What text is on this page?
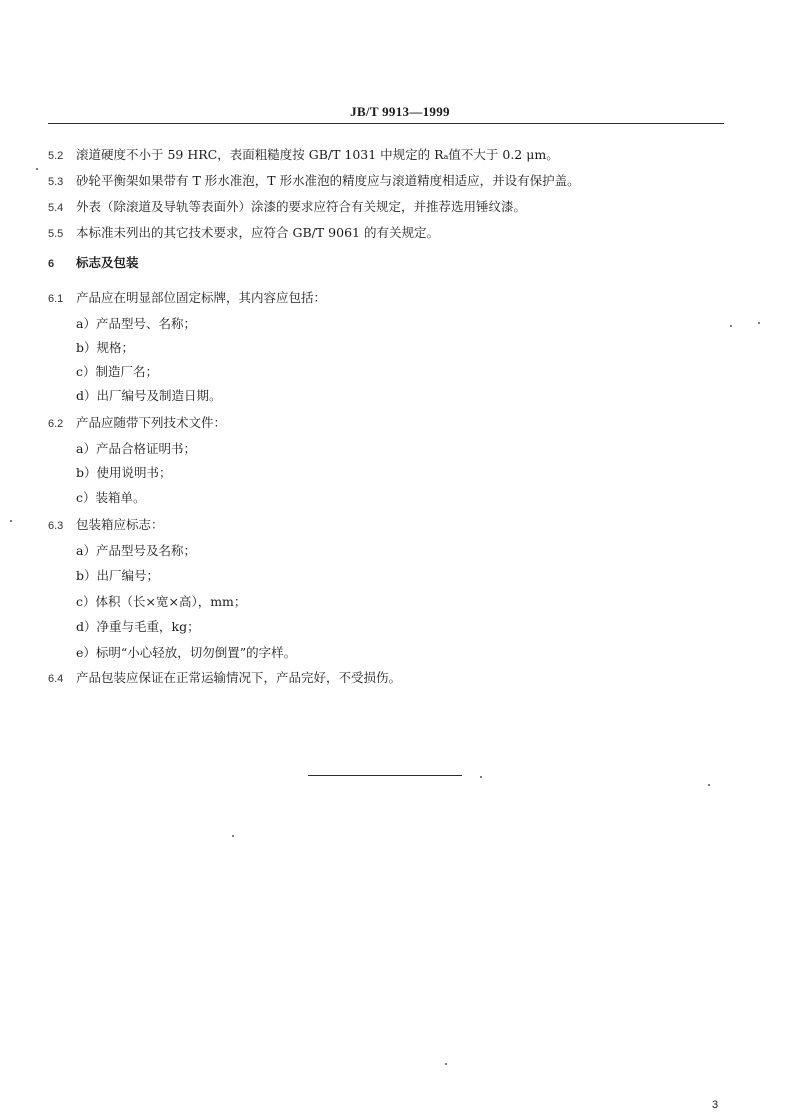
JB/T 9913—1999
5.2 滚道硬度不小于 59 HRC，表面粗糙度按 GB/T 1031 中规定的 Rₐ值不大于 0.2 μm。
5.3 砂轮平衡架如果带有 T 形水准泡，T 形水准泡的精度应与滚道精度相适应，并设有保护盖。
5.4 外表（除滚道及导轨等表面外）涂漆的要求应符合有关规定，并推荐选用锤纹漆。
5.5 本标准未列出的其它技术要求，应符合 GB/T 9061 的有关规定。
6 标志及包装
6.1 产品应在明显部位固定标牌，其内容应包括：
a）产品型号、名称；
b）规格；
c）制造厂名；
d）出厂编号及制造日期。
6.2 产品应随带下列技术文件：
a）产品合格证明书；
b）使用说明书；
c）装箱单。
6.3 包装箱应标志：
a）产品型号及名称；
b）出厂编号；
c）体积（长×宽×高），mm；
d）净重与毛重，kg；
e）标明“小心轻放，切勿倒置”的字样。
6.4 产品包装应保证在正常运输情况下，产品完好，不受损伤。
3
